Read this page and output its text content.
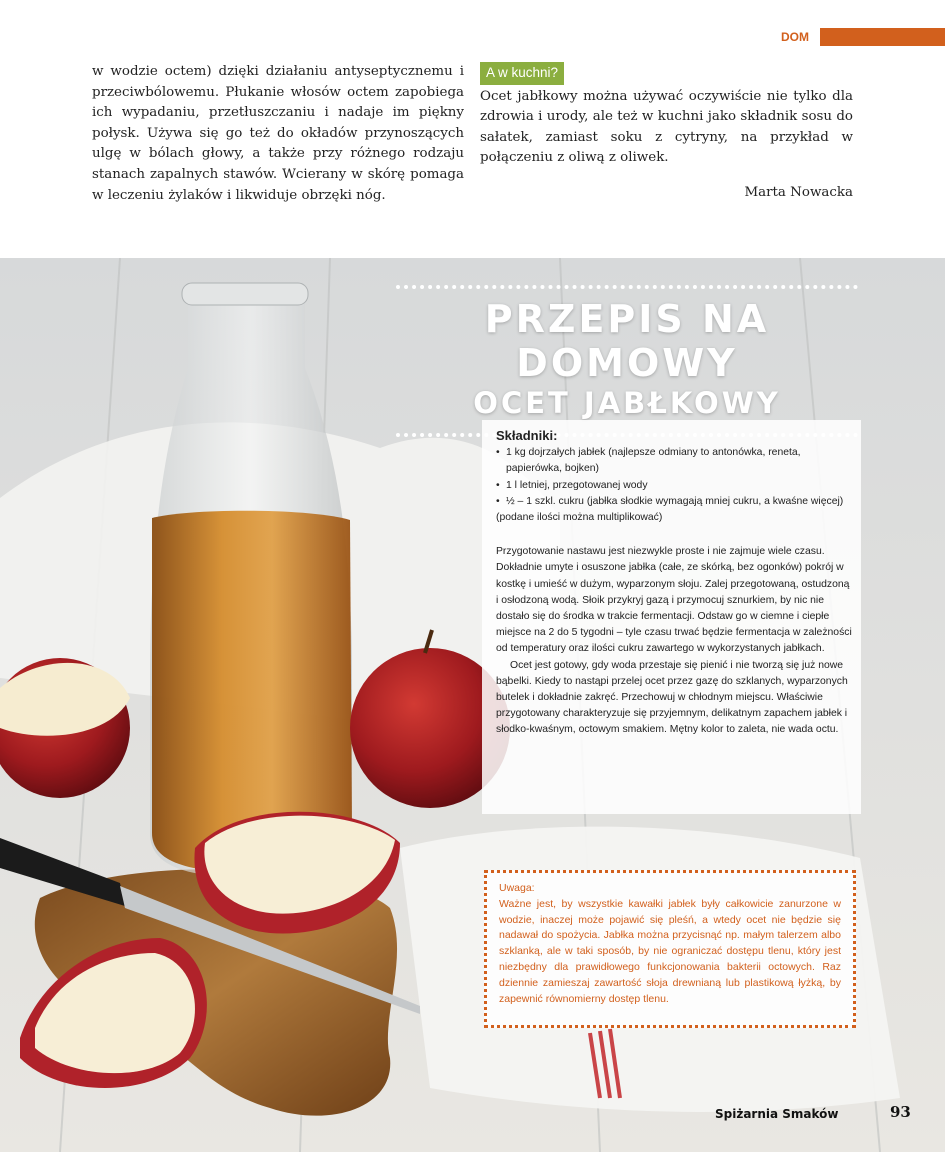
DOM
w wodzie octem) dzięki działaniu antyseptycznemu i przeciwbólowemu. Płukanie włosów octem zapobiega ich wypadaniu, przetłuszczaniu i nadaje im piękny połysk. Używa się go też do okładów przynoszących ulgę w bólach głowy, a także przy różnego rodzaju stanach zapalnych stawów. Wcierany w skórę pomaga w leczeniu żylaków i likwiduje obrzęki nóg.
A w kuchni?
Ocet jabłkowy można używać oczywiście nie tylko dla zdrowia i urody, ale też w kuchni jako składnik sosu do sałatek, zamiast soku z cytryny, na przykład w połączeniu z oliwą z oliwek.
Marta Nowacka
PRZEPIS NA DOMOWY
OCET JABŁKOWY
Składniki:
• 1 kg dojrzałych jabłek (najlepsze odmiany to antonówka, reneta, papierówka, bojken)
• 1 l letniej, przegotowanej wody
• ½ – 1 szkl. cukru (jabłka słodkie wymagają mniej cukru, a kwaśne więcej)
(podane ilości można multiplikować)

Przygotowanie nastawu jest niezwykle proste i nie zajmuje wiele czasu. Dokładnie umyte i osuszone jabłka (całe, ze skórką, bez ogonków) pokrój w kostkę i umieść w dużym, wyparzonym słoju. Zalej przegotowaną, ostudzoną i osłodzoną wodą. Słoik przykryj gazą i przymocuj sznurkiem, by nic nie dostało się do środka w trakcie fermentacji. Odstaw go w ciemne i ciepłe miejsce na 2 do 5 tygodni – tyle czasu trwać będzie fermentacja w zależności od temperatury oraz ilości cukru zawartego w wykorzystanych jabłkach.

Ocet jest gotowy, gdy woda przestaje się pienić i nie tworzą się już nowe bąbelki. Kiedy to nastąpi przelej ocet przez gazę do szklanych, wyparzonych butelek i dokładnie zakręć. Przechowuj w chłodnym miejscu. Właściwie przygotowany charakteryzuje się przyjemnym, delikatnym zapachem jabłek i słodko-kwaśnym, octowym smakiem. Mętny kolor to zaleta, nie wada octu.

Uwaga:
Ważne jest, by wszystkie kawałki jabłek były całkowicie zanurzone w wodzie, inaczej może pojawić się pleśń, a wtedy ocet nie będzie się nadawał do spożycia. Jabłka można przycisnąć np. małym talerzem albo szklanką, ale w taki sposób, by nie ograniczać dostępu tlenu, który jest niezbędny dla prawidłowego funkcjonowania bakterii octowych. Raz dziennie zamieszaj zawartość słoja drewnianą lub plastikową łyżką, by zapewnić równomierny dostęp tlenu.
Spiżarnia Smaków	93
